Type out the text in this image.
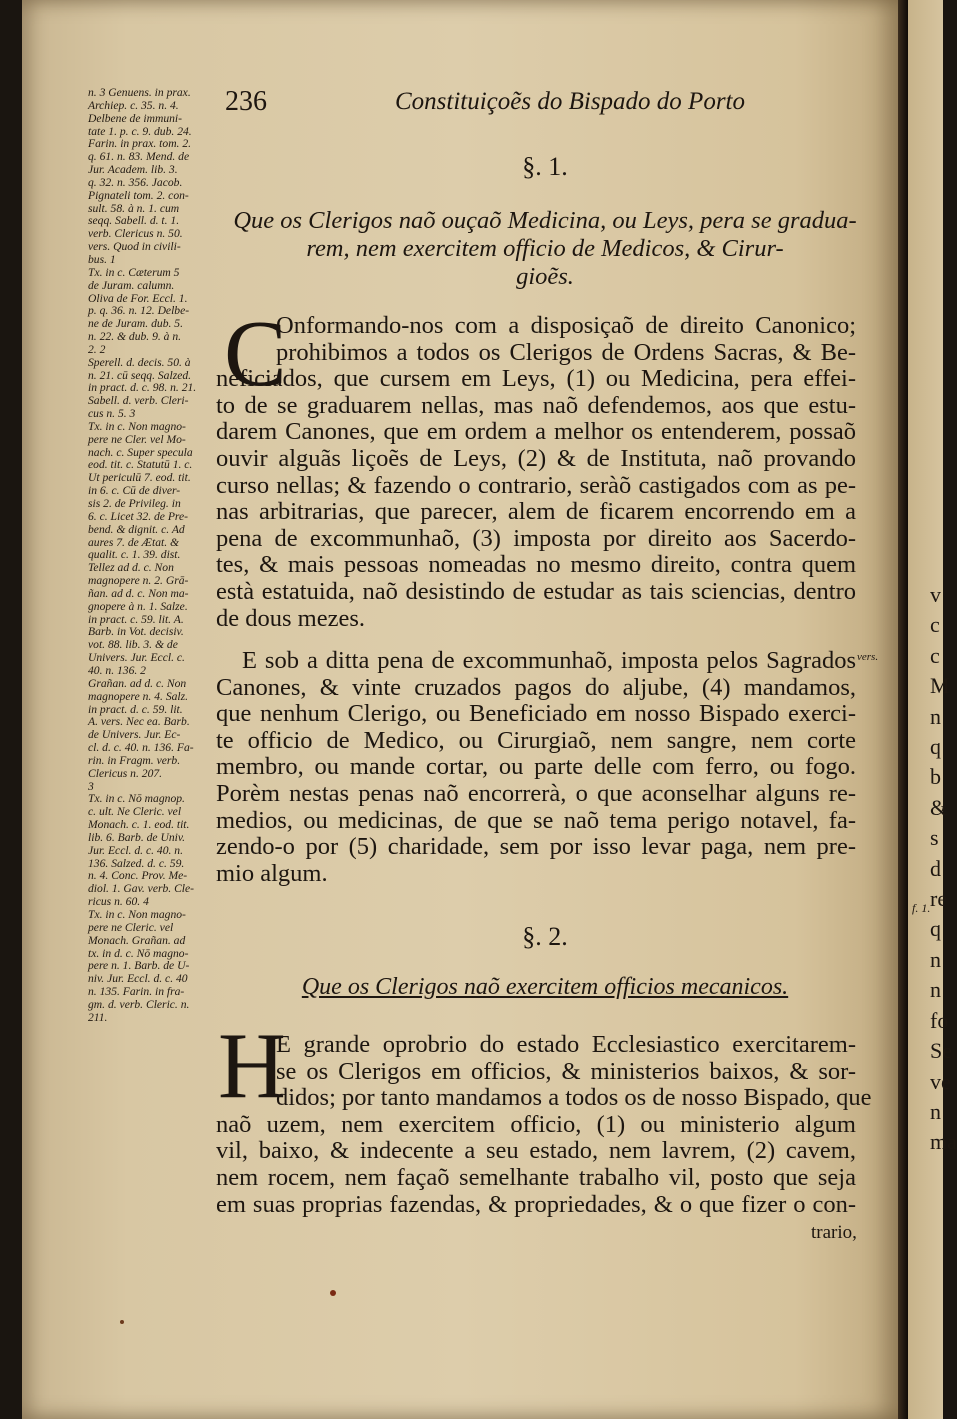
v
c
c
M
n
q
b
&
s
d
re
q
n
n
fo
Se
ve
n
ma
f. 1.
236	Constituiçoẽs do Bispado do Porto
n. 3 Genuens. in prax.
Archiep. c. 35. n. 4.
Delbene de immuni-
tate 1. p. c. 9. dub. 24.
Farin. in prax. tom. 2.
q. 61. n. 83. Mend. de
Jur. Academ. lib. 3.
q. 32. n. 356. Jacob.
Pignateli tom. 2. con-
sult. 58. à n. 1. cum
seqq. Sabell. d. t. 1.
verb. Clericus n. 50.
vers. Quod in civili-
bus. 1
Tx. in c. Cæterum 5
de Juram. calumn.
Oliva de For. Eccl. 1.
p. q. 36. n. 12. Delbe-
ne de Juram. dub. 5.
n. 22. & dub. 9. à n.
2. 2
Sperell. d. decis. 50. à
n. 21. cū seqq. Salzed.
in pract. d. c. 98. n. 21.
Sabell. d. verb. Cleri-
cus n. 5. 3
Tx. in c. Non magno-
pere ne Cler. vel Mo-
nach. c. Super specula
eod. tit. c. Statutū 1. c.
Ut periculū 7. eod. tit.
in 6. c. Cū de diver-
sis 2. de Privileg. in
6. c. Licet 32. de Pre-
bend. & dignit. c. Ad
aures 7. de Ætat. &
qualit. c. 1. 39. dist.
Tellez ad d. c. Non
magnopere n. 2. Grā-
ñan. ad d. c. Non ma-
gnopere à n. 1. Salze.
in pract. c. 59. lit. A.
Barb. in Vot. decisiv.
vot. 88. lib. 3. & de
Univers. Jur. Eccl. c.
40. n. 136. 2
Grañan. ad d. c. Non
magnopere n. 4. Salz.
in pract. d. c. 59. lit.
A. vers. Nec ea. Barb.
de Univers. Jur. Ec-
cl. d. c. 40. n. 136. Fa-
rin. in Fragm. verb.
Clericus n. 207.
3
Tx. in c. Nō magnop.
c. ult. Ne Cleric. vel
Monach. c. 1. eod. tit.
lib. 6. Barb. de Univ.
Jur. Eccl. d. c. 40. n.
136. Salzed. d. c. 59.
n. 4. Conc. Prov. Me-
diol. 1. Gav. verb. Cle-
ricus n. 60. 4
Tx. in c. Non magno-
pere ne Cleric. vel
Monach. Grañan. ad
tx. in d. c. Nō magno-
pere n. 1. Barb. de U-
niv. Jur. Eccl. d. c. 40
n. 135. Farin. in fra-
gm. d. verb. Cleric. n.
211.
§. 1.
Que os Clerigos naõ ouçaõ Medicina, ou Leys, pera se gradua-
rem, nem exercitem officio de Medicos, & Cirur-
gioẽs.
C
Onformando-nos com a disposiçaõ de direito Canonico;
prohibimos a todos os Clerigos de Ordens Sacras, & Be-
neficiados, que cursem em Leys, (1) ou Medicina, pera effei-
to de se graduarem nellas, mas naõ defendemos, aos que estu-
darem Canones, que em ordem a melhor os entenderem, possaõ
ouvir alguãs liçoẽs de Leys, (2) & de Instituta, naõ provando
curso nellas; & fazendo o contrario, seràõ castigados com as pe-
nas arbitrarias, que parecer, alem de ficarem encorrendo em a
pena de excommunhaõ, (3) imposta por direito aos Sacerdo-
tes, & mais pessoas nomeadas no mesmo direito, contra quem
està estatuida, naõ desistindo de estudar as tais sciencias, dentro
de dous mezes.
E sob a ditta pena de excommunhaõ, imposta pelos Sagrados
Canones, & vinte cruzados pagos do aljube, (4) mandamos,
que nenhum Clerigo, ou Beneficiado em nosso Bispado exerci-
te officio de Medico, ou Cirurgiaõ, nem sangre, nem corte
membro, ou mande cortar, ou parte delle com ferro, ou fogo.
Porèm nestas penas naõ encorrerà, o que aconselhar alguns re-
medios, ou medicinas, de que se naõ tema perigo notavel, fa-
zendo-o por (5) charidade, sem por isso levar paga, nem pre-
mio algum.
vers.
§. 2.
Que os Clerigos naõ exercitem officios mecanicos.
H
E grande oprobrio do estado Ecclesiastico exercitarem-
se os Clerigos em officios, & ministerios baixos, & sor-
didos; por tanto mandamos a todos os de nosso Bispado, que
naõ uzem, nem exercitem officio, (1) ou ministerio algum
vil, baixo, & indecente a seu estado, nem lavrem, (2) cavem,
nem rocem, nem façaõ semelhante trabalho vil, posto que seja
em suas proprias fazendas, & propriedades, & o que fizer o con-
trario,
